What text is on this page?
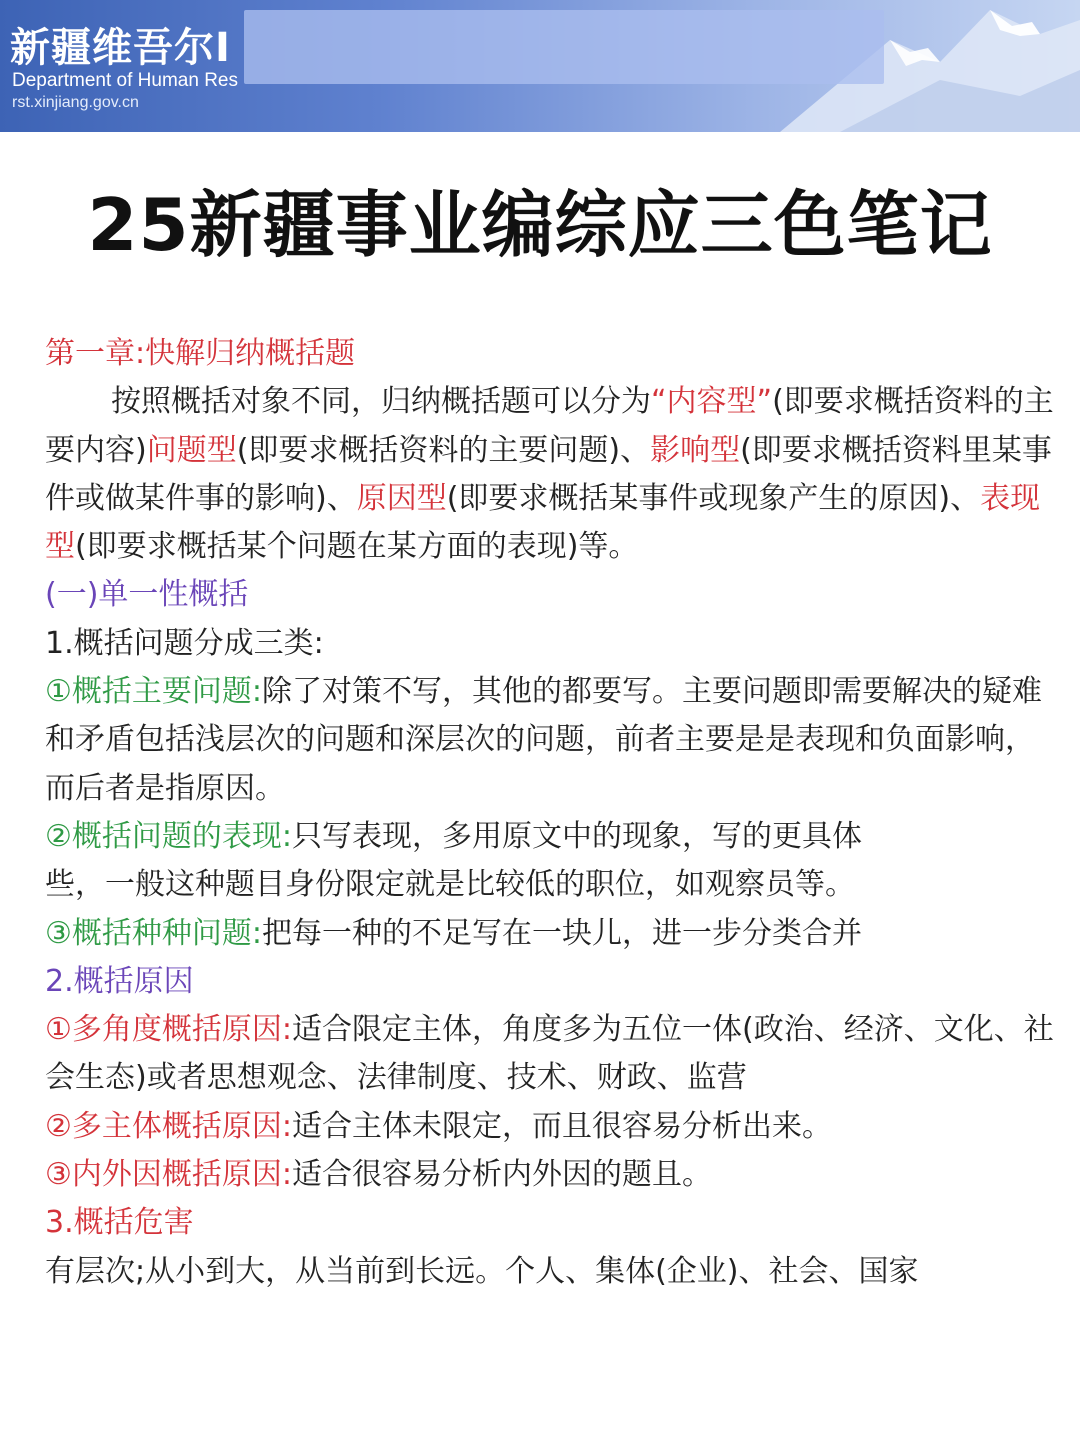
新疆维吾尔I
Department of Human Res
rst.xinjiang.gov.cn
25新疆事业编综应三色笔记

第一章:快解归纳概括题

按照概括对象不同，归纳概括题可以分为“内容型”(即要求概括资料的主要内容)问题型(即要求概括资料的主要问题)、影响型(即要求概括资料里某事件或做某件事的影响)、原因型(即要求概括某事件或现象产生的原因)、表现型(即要求概括某个问题在某方面的表现)等。

(一)单一性概括

1.概括问题分成三类:

①概括主要问题:除了对策不写，其他的都要写。主要问题即需要解决的疑难和矛盾包括浅层次的问题和深层次的问题，前者主要是是表现和负面影响，而后者是指原因。

②概括问题的表现:只写表现，多用原文中的现象，写的更具体
些，一般这种题目身份限定就是比较低的职位，如观察员等。

③概括种种问题:把每一种的不足写在一块儿，进一步分类合并

2.概括原因

①多角度概括原因:适合限定主体，角度多为五位一体(政治、经济、文化、社会生态)或者思想观念、法律制度、技术、财政、监营

②多主体概括原因:适合主体未限定，而且很容易分析出来。

③内外因概括原因:适合很容易分析内外因的题且。

3.概括危害

有层次;从小到大，从当前到长远。个人、集体(企业)、社会、国家
